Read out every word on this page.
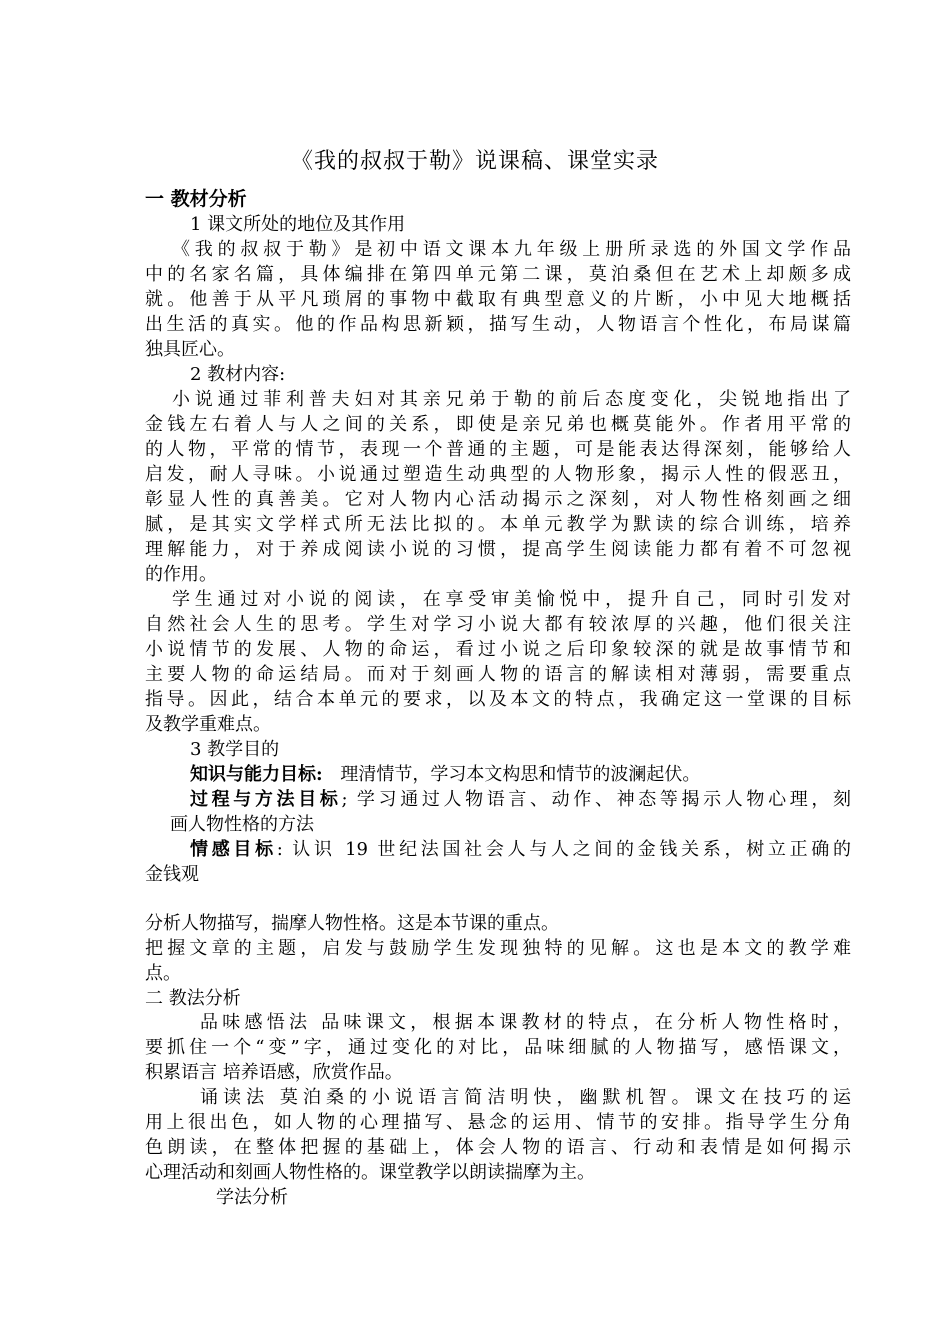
《我的叔叔于勒》说课稿、课堂实录
一 教材分析
1 课文所处的地位及其作用
《我的叔叔于勒》是初中语文课本九年级上册所录选的外国文学作品
中的名家名篇，具体编排在第四单元第二课，莫泊桑但在艺术上却颇多成
就。他善于从平凡琐屑的事物中截取有典型意义的片断，小中见大地概括
出生活的真实。他的作品构思新颖，描写生动，人物语言个性化，布局谋篇
独具匠心。
2 教材内容:
小说通过菲利普夫妇对其亲兄弟于勒的前后态度变化，尖锐地指出了
金钱左右着人与人之间的关系，即使是亲兄弟也概莫能外。作者用平常的
的人物，平常的情节，表现一个普通的主题，可是能表达得深刻，能够给人
启发，耐人寻味。小说通过塑造生动典型的人物形象，揭示人性的假恶丑，
彰显人性的真善美。它对人物内心活动揭示之深刻，对人物性格刻画之细
腻，是其实文学样式所无法比拟的。本单元教学为默读的综合训练，培养
理解能力，对于养成阅读小说的习惯，提高学生阅读能力都有着不可忽视
的作用。
学生通过对小说的阅读，在享受审美愉悦中，提升自己，同时引发对
自然社会人生的思考。学生对学习小说大都有较浓厚的兴趣，他们很关注
小说情节的发展、人物的命运，看过小说之后印象较深的就是故事情节和
主要人物的命运结局。而对于刻画人物的语言的解读相对薄弱，需要重点
指导。因此，结合本单元的要求，以及本文的特点，我确定这一堂课的目标
及教学重难点。
3 教学目的
知识与能力目标: 理清情节，学习本文构思和情节的波澜起伏。
过程与方法目标; 学习通过人物语言、动作、神态等揭示人物心理，刻
画人物性格的方法
情感目标: 认识 19 世纪法国社会人与人之间的金钱关系，树立正确的
金钱观
分析人物描写，揣摩人物性格。这是本节课的重点。
把握文章的主题，启发与鼓励学生发现独特的见解。这也是本文的教学难
点。
二 教法分析
品味感悟法 品味课文，根据本课教材的特点，在分析人物性格时，
要抓住一个“变”字，通过变化的对比，品味细腻的人物描写，感悟课文，
积累语言 培养语感，欣赏作品。
诵读法 莫泊桑的小说语言简洁明快，幽默机智。课文在技巧的运
用上很出色，如人物的心理描写、悬念的运用、情节的安排。指导学生分角
色朗读，在整体把握的基础上，体会人物的语言、行动和表情是如何揭示
心理活动和刻画人物性格的。课堂教学以朗读揣摩为主。
学法分析
